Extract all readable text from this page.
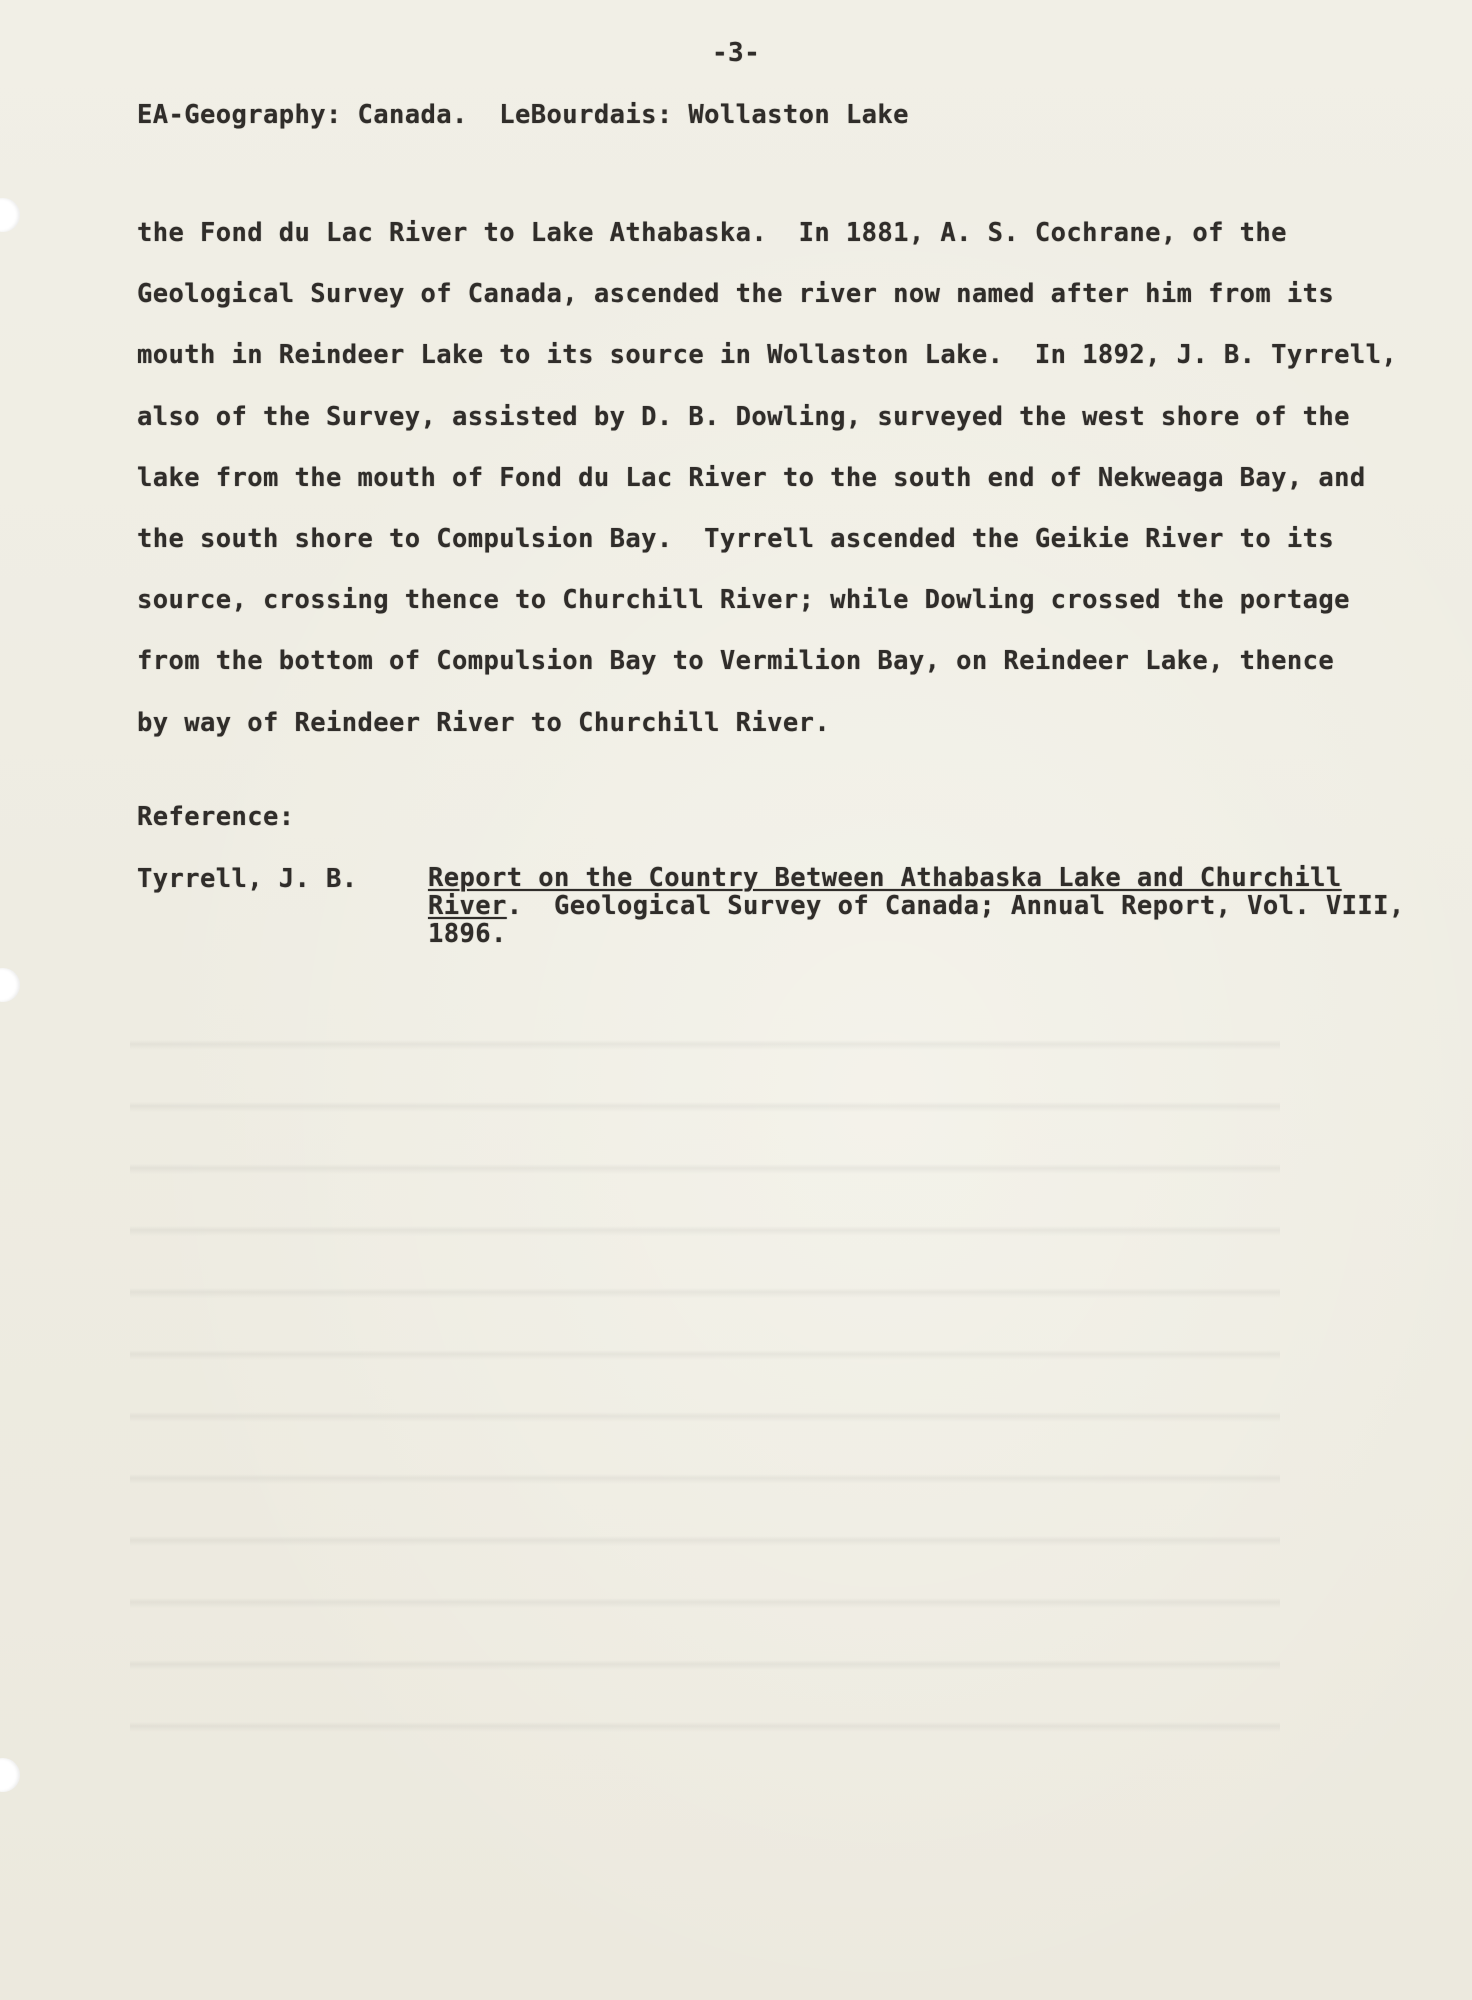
-3-
EA-Geography: Canada.  LeBourdais: Wollaston Lake
the Fond du Lac River to Lake Athabaska.  In 1881, A. S. Cochrane, of the
Geological Survey of Canada, ascended the river now named after him from its
mouth in Reindeer Lake to its source in Wollaston Lake.  In 1892, J. B. Tyrrell,
also of the Survey, assisted by D. B. Dowling, surveyed the west shore of the
lake from the mouth of Fond du Lac River to the south end of Nekweaga Bay, and
the south shore to Compulsion Bay.  Tyrrell ascended the Geikie River to its
source, crossing thence to Churchill River; while Dowling crossed the portage
from the bottom of Compulsion Bay to Vermilion Bay, on Reindeer Lake, thence
by way of Reindeer River to Churchill River.
Reference:
Tyrrell, J. B.	Report on the Country Between Athabaska Lake and Churchill
River.  Geological Survey of Canada; Annual Report, Vol. VIII,
1896.
